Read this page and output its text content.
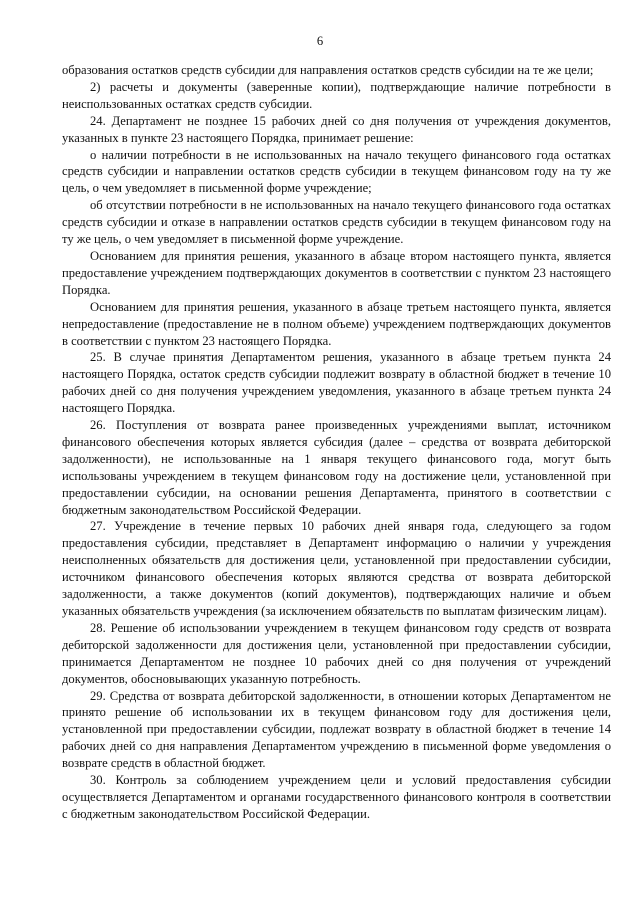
6

образования остатков средств субсидии для направления остатков средств субсидии на те же цели;

2) расчеты и документы (заверенные копии), подтверждающие наличие потребности в неиспользованных остатках средств субсидии.

24. Департамент не позднее 15 рабочих дней со дня получения от учреждения документов, указанных в пункте 23 настоящего Порядка, принимает решение:

о наличии потребности в не использованных на начало текущего финансового года остатках средств субсидии и направлении остатков средств субсидии в текущем финансовом году на ту же цель, о чем уведомляет в письменной форме учреждение;

об отсутствии потребности в не использованных на начало текущего финансового года остатках средств субсидии и отказе в направлении остатков средств субсидии в текущем финансовом году на ту же цель, о чем уведомляет в письменной форме учреждение.

Основанием для принятия решения, указанного в абзаце втором настоящего пункта, является предоставление учреждением подтверждающих документов в соответствии с пунктом 23 настоящего Порядка.

Основанием для принятия решения, указанного в абзаце третьем настоящего пункта, является непредоставление (предоставление не в полном объеме) учреждением подтверждающих документов в соответствии с пунктом 23 настоящего Порядка.

25. В случае принятия Департаментом решения, указанного в абзаце третьем пункта 24 настоящего Порядка, остаток средств субсидии подлежит возврату в областной бюджет в течение 10 рабочих дней со дня получения учреждением уведомления, указанного в абзаце третьем пункта 24 настоящего Порядка.

26. Поступления от возврата ранее произведенных учреждениями выплат, источником финансового обеспечения которых является субсидия (далее – средства от возврата дебиторской задолженности), не использованные на 1 января текущего финансового года, могут быть использованы учреждением в текущем финансовом году на достижение цели, установленной при предоставлении субсидии, на основании решения Департамента, принятого в соответствии с бюджетным законодательством Российской Федерации.

27. Учреждение в течение первых 10 рабочих дней января года, следующего за годом предоставления субсидии, представляет в Департамент информацию о наличии у учреждения неисполненных обязательств для достижения цели, установленной при предоставлении субсидии, источником финансового обеспечения которых являются средства от возврата дебиторской задолженности, а также документов (копий документов), подтверждающих наличие и объем указанных обязательств учреждения (за исключением обязательств по выплатам физическим лицам).

28. Решение об использовании учреждением в текущем финансовом году средств от возврата дебиторской задолженности для достижения цели, установленной при предоставлении субсидии, принимается Департаментом не позднее 10 рабочих дней со дня получения от учреждений документов, обосновывающих указанную потребность.

29. Средства от возврата дебиторской задолженности, в отношении которых Департаментом не принято решение об использовании их в текущем финансовом году для достижения цели, установленной при предоставлении субсидии, подлежат возврату в областной бюджет в течение 14 рабочих дней со дня направления Департаментом учреждению в письменной форме уведомления о возврате средств в областной бюджет.

30. Контроль за соблюдением учреждением цели и условий предоставления субсидии осуществляется Департаментом и органами государственного финансового контроля в соответствии с бюджетным законодательством Российской Федерации.
